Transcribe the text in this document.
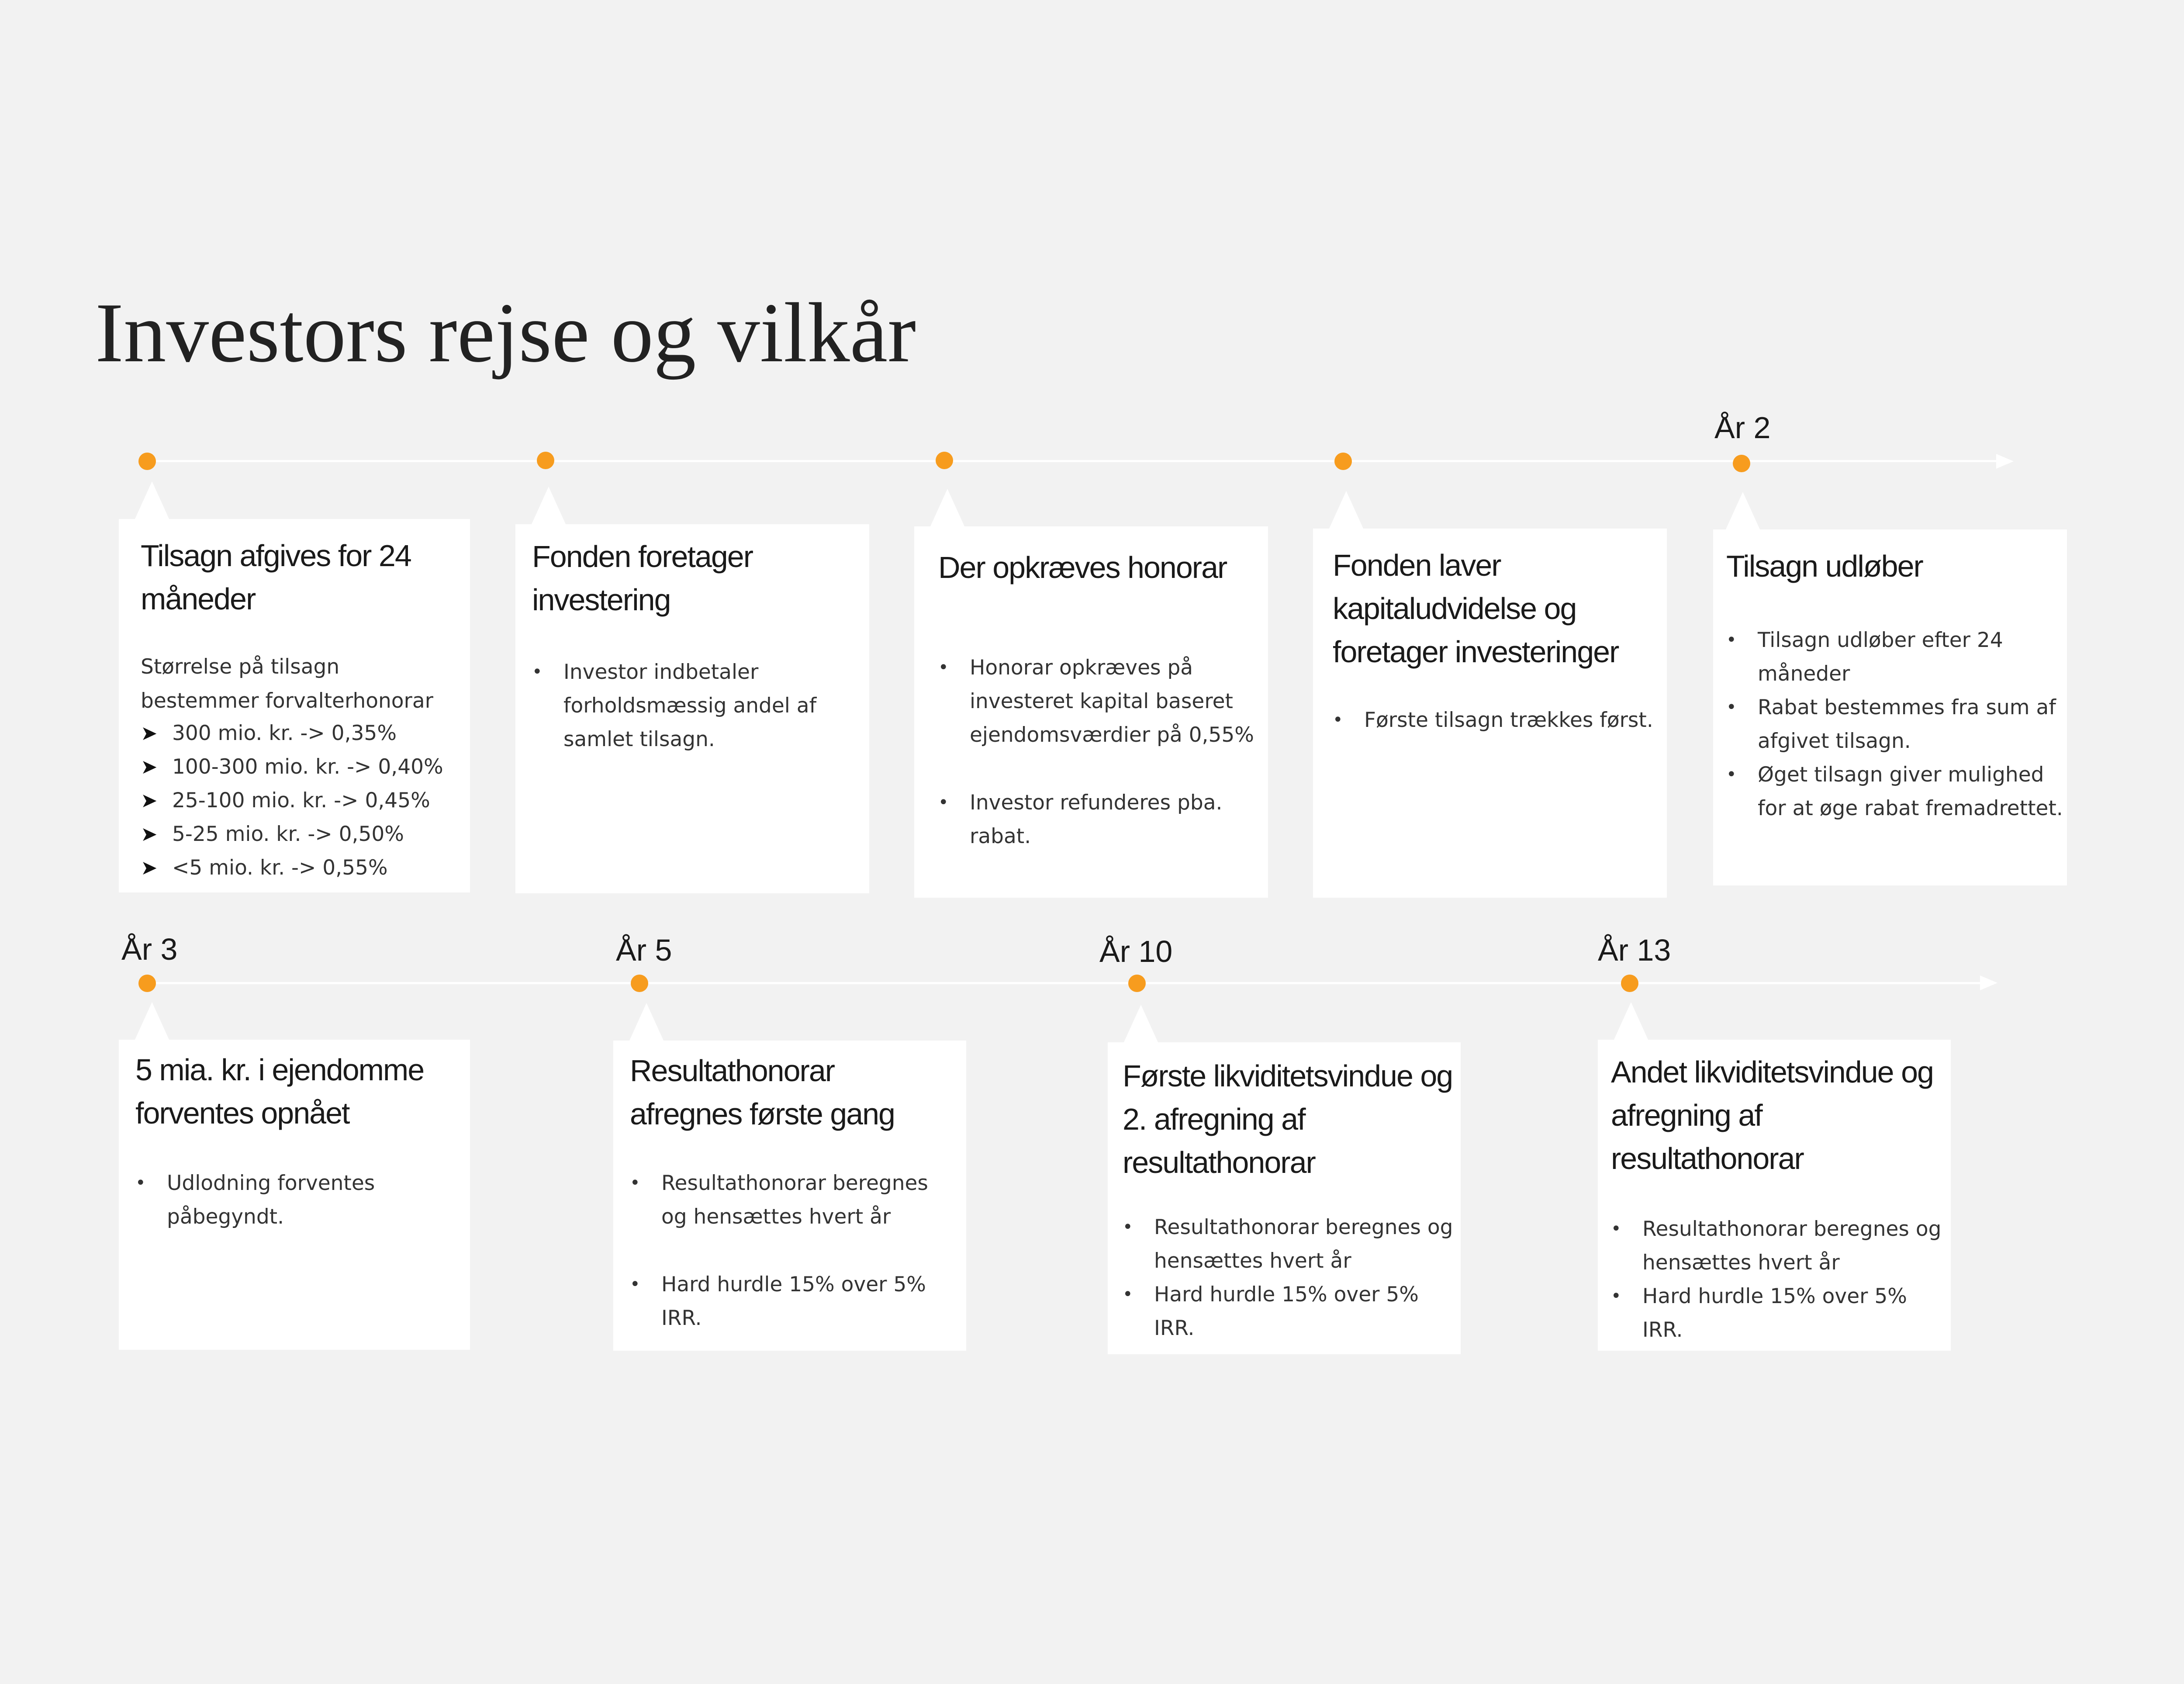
Investors rejse og vilkår
År 2
Tilsagn afgives for 24 måneder

Størrelse på tilsagn bestemmer forvalterhonorar

➤ 300 mio. kr. -> 0,35%
➤ 100-300 mio. kr. -> 0,40%
➤ 25-100 mio. kr. -> 0,45%
➤ 5-25 mio. kr. -> 0,50%
➤ <5 mio. kr. -> 0,55%
Fonden foretager investering
• Investor indbetaler forholdsmæssig andel af samlet tilsagn.
Der opkræves honorar
• Honorar opkræves på investeret kapital baseret ejendomsværdier på 0,55%
• Investor refunderes pba. rabat.
Fonden laver kapitaludvidelse og foretager investeringer
• Første tilsagn trækkes først.
Tilsagn udløber
• Tilsagn udløber efter 24 måneder
• Rabat bestemmes fra sum af afgivet tilsagn.
• Øget tilsagn giver mulighed for at øge rabat fremadrettet.
År 3	År 5	År 10	År 13
5 mia. kr. i ejendomme forventes opnået
• Udlodning forventes påbegyndt.
Resultathonorar afregnes første gang
• Resultathonorar beregnes og hensættes hvert år
• Hard hurdle 15% over 5% IRR.
Første likviditetsvindue og 2. afregning af resultathonorar
• Resultathonorar beregnes og hensættes hvert år
• Hard hurdle 15% over 5% IRR.
Andet likviditetsvindue og afregning af resultathonorar
• Resultathonorar beregnes og hensættes hvert år
• Hard hurdle 15% over 5% IRR.
